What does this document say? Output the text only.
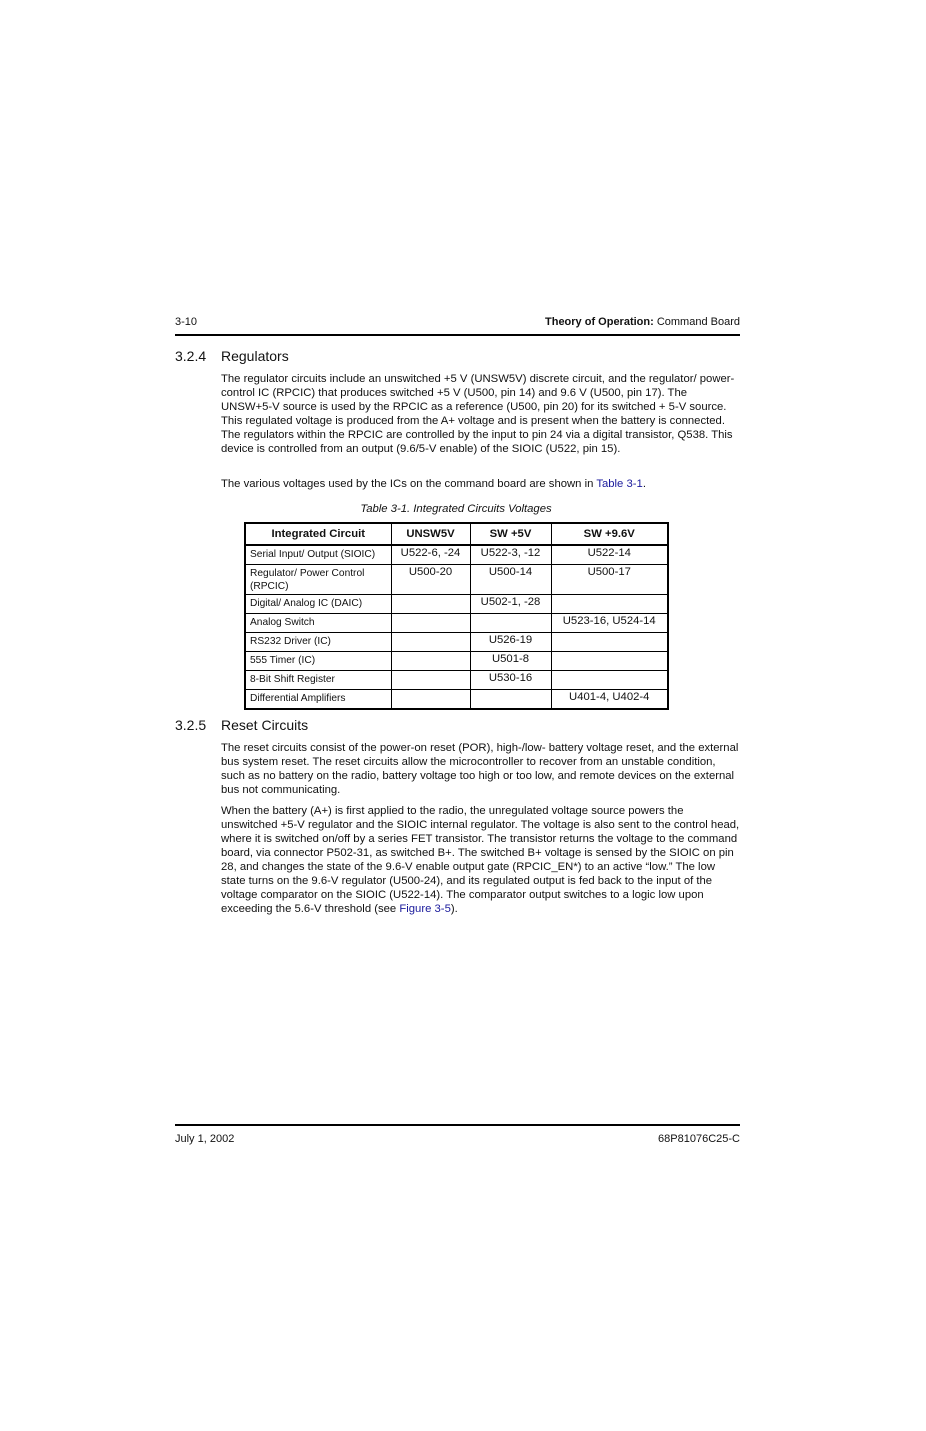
3-10	Theory of Operation: Command Board
3.2.4 Regulators

The regulator circuits include an unswitched +5 V (UNSW5V) discrete circuit, and the regulator/ power-control IC (RPCIC) that produces switched +5 V (U500, pin 14) and 9.6 V (U500, pin 17). The UNSW+5-V source is used by the RPCIC as a reference (U500, pin 20) for its switched + 5-V source. This regulated voltage is produced from the A+ voltage and is present when the battery is connected. The regulators within the RPCIC are controlled by the input to pin 24 via a digital transistor, Q538. This device is controlled from an output (9.6/5-V enable) of the SIOIC (U522, pin 15).

The various voltages used by the ICs on the command board are shown in Table 3-1.

Table 3-1. Integrated Circuits Voltages
Integrated Circuit	UNSW5V	SW +5V	SW +9.6V
Serial Input/ Output (SIOIC)	U522-6, -24	U522-3, -12	U522-14
Regulator/ Power Control (RPCIC)	U500-20	U500-14	U500-17
Digital/ Analog IC (DAIC)		U502-1, -28	
Analog Switch			U523-16, U524-14
RS232 Driver (IC)		U526-19	
555 Timer (IC)		U501-8	
8-Bit Shift Register		U530-16	
Differential Amplifiers			U401-4, U402-4
3.2.5 Reset Circuits

The reset circuits consist of the power-on reset (POR), high-/low- battery voltage reset, and the external bus system reset. The reset circuits allow the microcontroller to recover from an unstable condition, such as no battery on the radio, battery voltage too high or too low, and remote devices on the external bus not communicating.

When the battery (A+) is first applied to the radio, the unregulated voltage source powers the unswitched +5-V regulator and the SIOIC internal regulator. The voltage is also sent to the control head, where it is switched on/off by a series FET transistor. The transistor returns the voltage to the command board, via connector P502-31, as switched B+. The switched B+ voltage is sensed by the SIOIC on pin 28, and changes the state of the 9.6-V enable output gate (RPCIC_EN*) to an active “low.” The low state turns on the 9.6-V regulator (U500-24), and its regulated output is fed back to the input of the voltage comparator on the SIOIC (U522-14). The comparator output switches to a logic low upon exceeding the 5.6-V threshold (see Figure 3-5).

July 1, 2002	68P81076C25-C
